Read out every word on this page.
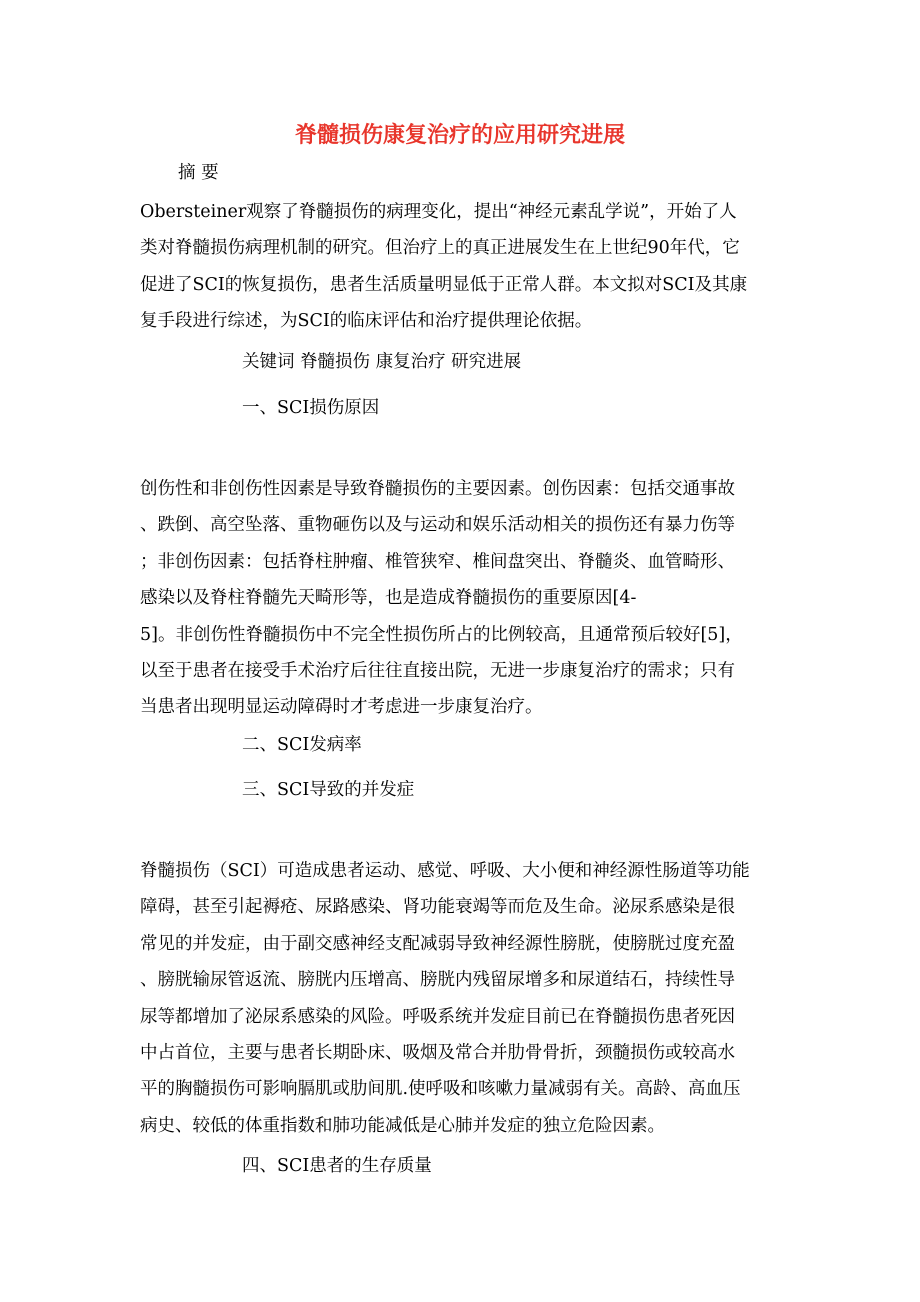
脊髓损伤康复治疗的应用研究进展

摘 要

Obersteiner观察了脊髓损伤的病理变化，提出“神经元素乱学说”，开始了人
类对脊髓损伤病理机制的研究。但治疗上的真正进展发生在上世纪90年代，它
促进了SCI的恢复损伤，患者生活质量明显低于正常人群。本文拟对SCI及其康
复手段进行综述，为SCI的临床评估和治疗提供理论依据。

关键词 脊髓损伤 康复治疗 研究进展

一、SCI损伤原因

创伤性和非创伤性因素是导致脊髓损伤的主要因素。创伤因素：包括交通事故
、跌倒、高空坠落、重物砸伤以及与运动和娱乐活动相关的损伤还有暴力伤等
；非创伤因素：包括脊柱肿瘤、椎管狭窄、椎间盘突出、脊髓炎、血管畸形、
感染以及脊柱脊髓先天畸形等，也是造成脊髓损伤的重要原因[4-
5]。非创伤性脊髓损伤中不完全性损伤所占的比例较高，且通常预后较好[5]，
以至于患者在接受手术治疗后往往直接出院，无进一步康复治疗的需求；只有
当患者出现明显运动障碍时才考虑进一步康复治疗。

二、SCI发病率

三、SCI导致的并发症

脊髓损伤（SCI）可造成患者运动、感觉、呼吸、大小便和神经源性肠道等功能
障碍，甚至引起褥疮、尿路感染、肾功能衰竭等而危及生命。泌尿系感染是很
常见的并发症，由于副交感神经支配减弱导致神经源性膀胱，使膀胱过度充盈
、膀胱输尿管返流、膀胱内压增高、膀胱内残留尿增多和尿道结石，持续性导
尿等都增加了泌尿系感染的风险。呼吸系统并发症目前已在脊髓损伤患者死因
中占首位，主要与患者长期卧床、吸烟及常合并肋骨骨折，颈髓损伤或较高水
平的胸髓损伤可影响膈肌或肋间肌.使呼吸和咳嗽力量减弱有关。高龄、高血压
病史、较低的体重指数和肺功能减低是心肺并发症的独立危险因素。

四、SCI患者的生存质量
